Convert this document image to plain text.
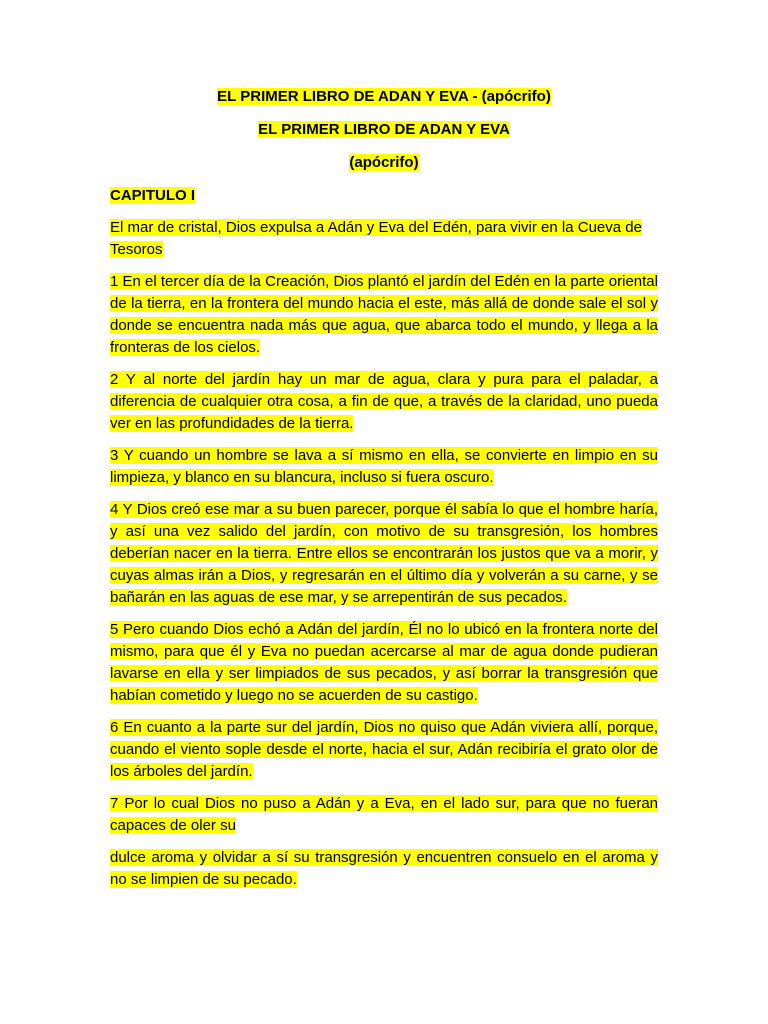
EL PRIMER LIBRO DE ADAN Y EVA - (apócrifo)

EL PRIMER LIBRO DE ADAN Y EVA

(apócrifo)

CAPITULO I

El mar de cristal, Dios expulsa a Adán y Eva del Edén, para vivir en la Cueva de Tesoros

1 En el tercer día de la Creación, Dios plantó el jardín del Edén en la parte oriental de la tierra, en la frontera del mundo hacia el este, más allá de donde sale el sol y donde se encuentra nada más que agua, que abarca todo el mundo, y llega a la fronteras de los cielos.

2 Y al norte del jardín hay un mar de agua, clara y pura para el paladar, a diferencia de cualquier otra cosa, a fin de que, a través de la claridad, uno pueda ver en las profundidades de la tierra.

3 Y cuando un hombre se lava a sí mismo en ella, se convierte en limpio en su limpieza, y blanco en su blancura, incluso si fuera oscuro.

4 Y Dios creó ese mar a su buen parecer, porque él sabía lo que el hombre haría, y así una vez salido del jardín, con motivo de su transgresión, los hombres deberían nacer en la tierra. Entre ellos se encontrarán los justos que va a morir, y cuyas almas irán a Dios, y regresarán en el último día y volverán a su carne, y se bañarán en las aguas de ese mar, y se arrepentirán de sus pecados.

5 Pero cuando Dios echó a Adán del jardín, Él no lo ubicó en la frontera norte del mismo, para que él y Eva no puedan acercarse al mar de agua donde pudieran lavarse en ella y ser limpiados de sus pecados, y así borrar la transgresión que habían cometido y luego no se acuerden de su castigo.

6 En cuanto a la parte sur del jardín, Dios no quiso que Adán viviera allí, porque, cuando el viento sople desde el norte, hacia el sur, Adán recibiría el grato olor de los árboles del jardín.

7 Por lo cual Dios no puso a Adán y a Eva, en el lado sur, para que no fueran capaces de oler su

dulce aroma y olvidar a sí su transgresión y encuentren consuelo en el aroma y no se limpien de su pecado.
